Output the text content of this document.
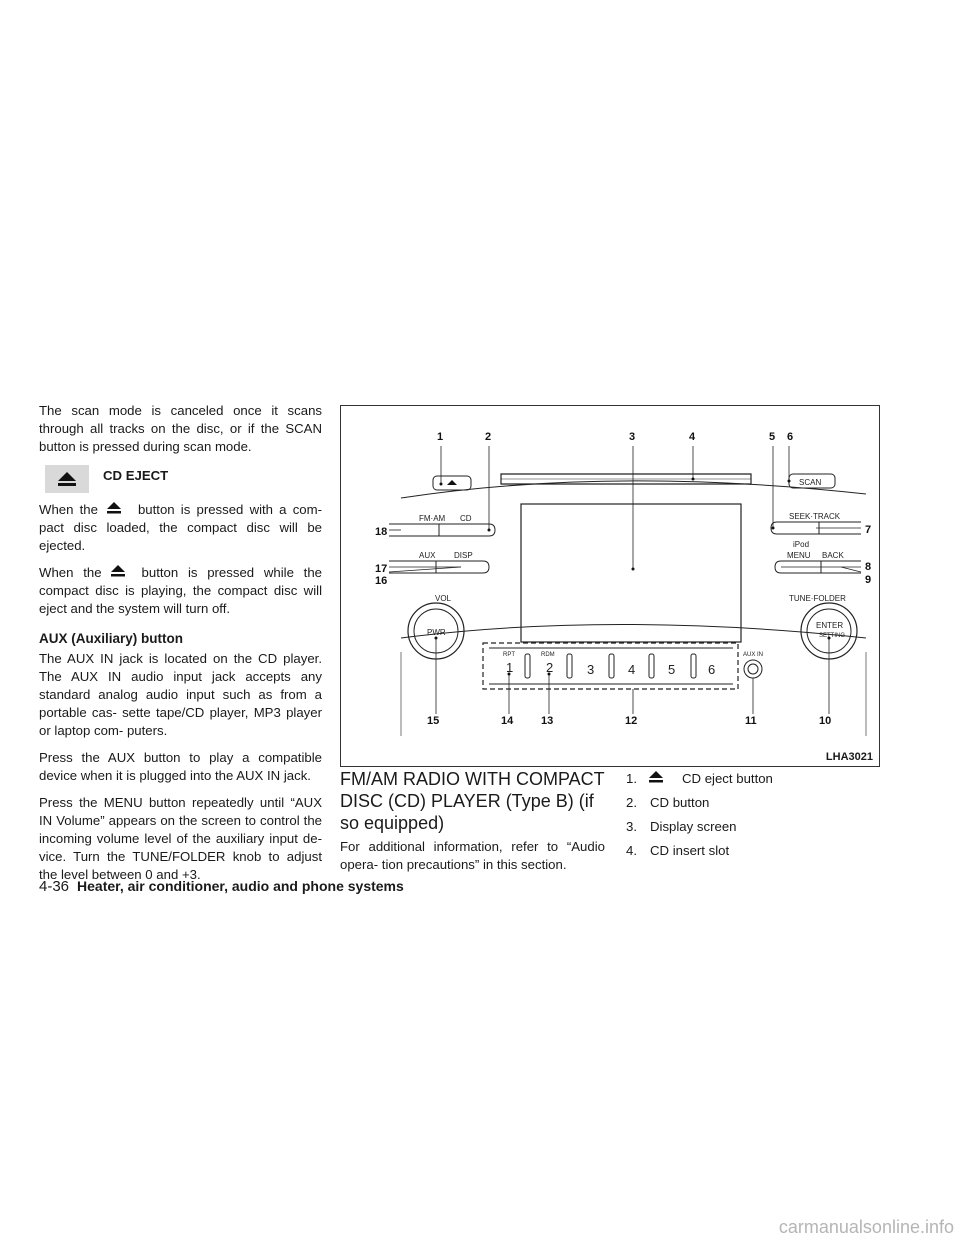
The scan mode is canceled once it scans through all tracks on the disc, or if the SCAN button is pressed during scan mode.

CD EJECT

When the	button is pressed with a com- pact disc loaded, the compact disc will be ejected.

When the	button is pressed while the compact disc is playing, the compact disc will eject and the system will turn off.

AUX (Auxiliary) button

The AUX IN jack is located on the CD player. The AUX IN audio input jack accepts any standard analog audio input such as from a portable cas- sette tape/CD player, MP3 player or laptop com- puters.

Press the AUX button to play a compatible device when it is plugged into the AUX IN jack.

Press the MENU button repeatedly until “AUX IN Volume” appears on the screen to control the incoming volume level of the auxiliary input de- vice. Turn the TUNE/FOLDER knob to adjust the level between 0 and +3.

FM·AM CD
AUX DISP
VOL
PWR
SCAN
SEEK·TRACK
iPod
MENU BACK
TUNE·FOLDER
ENTER
SETTING
RPT	RDM	AUX IN
1	2	3	4	5	6
1	2	3	4	5 6
7
8
9
10
11
12
13
14
15
16
17
18
LHA3021
FM/AM RADIO WITH COMPACT DISC (CD) PLAYER (Type B) (if so equipped)

For additional information, refer to “Audio opera- tion precautions” in this section.

1.	CD eject button
2. CD button
3. Display screen
4. CD insert slot
4-36 Heater, air conditioner, audio and phone systems
carmanualsonline.info
